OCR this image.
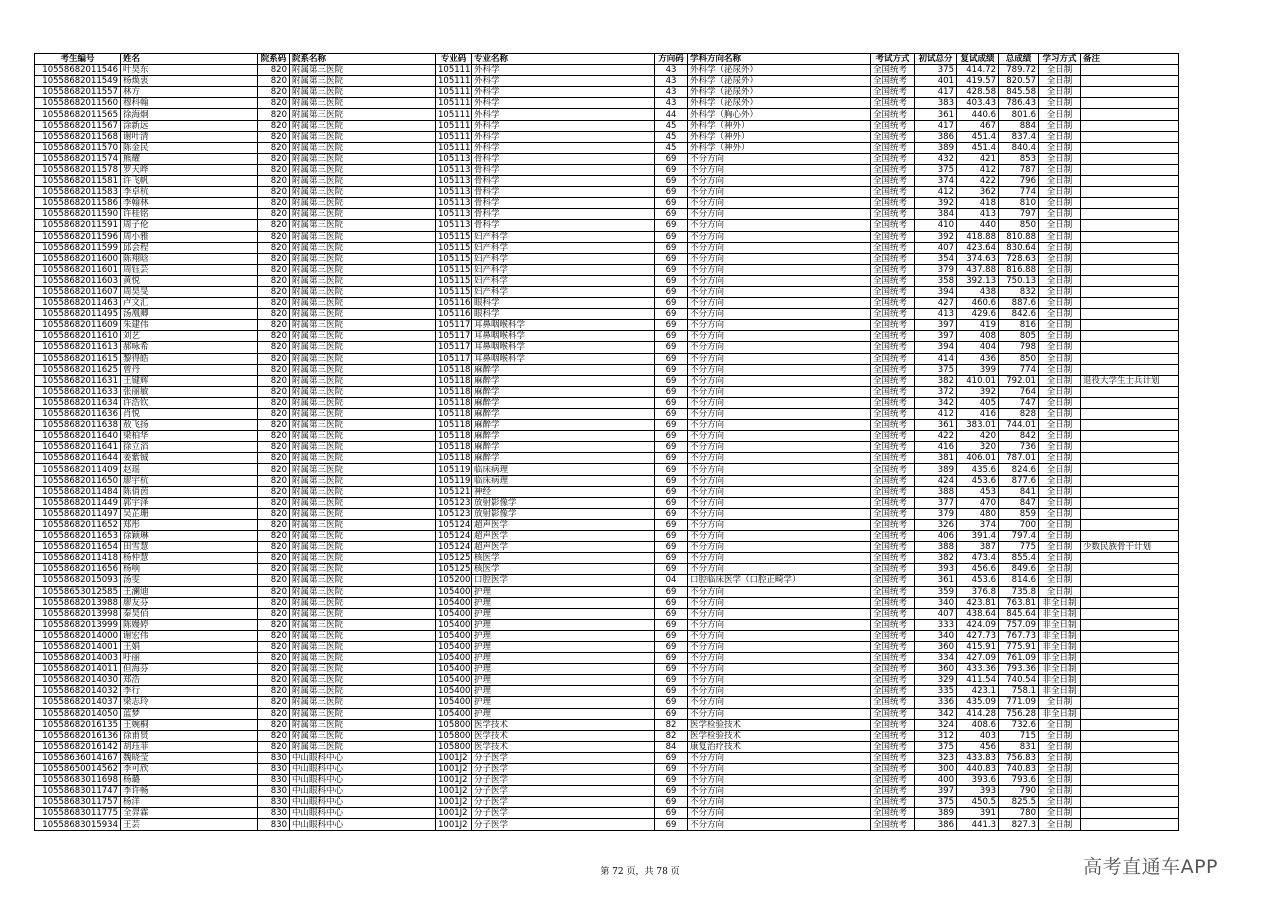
考生编号	姓名	院系码	院系名称	专业码	专业名称	方向码	学科方向名称	考试方式	初试总分	复试成绩	总成绩	学习方式	备注
10558682011546	叶昊东	820	附属第三医院	105111	外科学	43	外科学（泌尿外）	全国统考	375	414.72	789.72	全日制	
10558682011549	杨焕衷	820	附属第三医院	105111	外科学	43	外科学（泌尿外）	全国统考	401	419.57	820.57	全日制	
10558682011557	林方	820	附属第三医院	105111	外科学	43	外科学（泌尿外）	全国统考	417	428.58	845.58	全日制	
10558682011560	穆科翰	820	附属第三医院	105111	外科学	43	外科学（泌尿外）	全国统考	383	403.43	786.43	全日制	
10558682011565	徐海炯	820	附属第三医院	105111	外科学	44	外科学（胸心外）	全国统考	361	440.6	801.6	全日制	
10558682011567	涂新远	820	附属第三医院	105111	外科学	45	外科学（神外）	全国统考	417	467	884	全日制	
10558682011568	谢叶清	820	附属第三医院	105111	外科学	45	外科学（神外）	全国统考	386	451.4	837.4	全日制	
10558682011570	陈金民	820	附属第三医院	105111	外科学	45	外科学（神外）	全国统考	389	451.4	840.4	全日制	
10558682011574	熊耀	820	附属第三医院	105113	骨科学	69	不分方向	全国统考	432	421	853	全日制	
10558682011578	罗天晔	820	附属第三医院	105113	骨科学	69	不分方向	全国统考	375	412	787	全日制	
10558682011581	许飞帆	820	附属第三医院	105113	骨科学	69	不分方向	全国统考	374	422	796	全日制	
10558682011583	李卓杭	820	附属第三医院	105113	骨科学	69	不分方向	全国统考	412	362	774	全日制	
10558682011586	李翰林	820	附属第三医院	105113	骨科学	69	不分方向	全国统考	392	418	810	全日制	
10558682011590	许桂铭	820	附属第三医院	105113	骨科学	69	不分方向	全国统考	384	413	797	全日制	
10558682011591	周子伦	820	附属第三医院	105113	骨科学	69	不分方向	全国统考	410	440	850	全日制	
10558682011596	周小雅	820	附属第三医院	105115	妇产科学	69	不分方向	全国统考	392	418.88	810.88	全日制	
10558682011599	邱会程	820	附属第三医院	105115	妇产科学	69	不分方向	全国统考	407	423.64	830.64	全日制	
10558682011600	陈翔晗	820	附属第三医院	105115	妇产科学	69	不分方向	全国统考	354	374.63	728.63	全日制	
10558682011601	周钰芸	820	附属第三医院	105115	妇产科学	69	不分方向	全国统考	379	437.88	816.88	全日制	
10558682011603	黄悦	820	附属第三医院	105115	妇产科学	69	不分方向	全国统考	358	392.13	750.13	全日制	
10558682011607	周昊旻	820	附属第三医院	105115	妇产科学	69	不分方向	全国统考	394	438	832	全日制	
10558682011463	卢文汇	820	附属第三医院	105116	眼科学	69	不分方向	全国统考	427	460.6	887.6	全日制	
10558682011495	汤凰卿	820	附属第三医院	105116	眼科学	69	不分方向	全国统考	413	429.6	842.6	全日制	
10558682011609	朱建伟	820	附属第三医院	105117	耳鼻咽喉科学	69	不分方向	全国统考	397	419	816	全日制	
10558682011610	刘艺	820	附属第三医院	105117	耳鼻咽喉科学	69	不分方向	全国统考	397	408	805	全日制	
10558682011613	郝咏希	820	附属第三医院	105117	耳鼻咽喉科学	69	不分方向	全国统考	394	404	798	全日制	
10558682011615	黎得皓	820	附属第三医院	105117	耳鼻咽喉科学	69	不分方向	全国统考	414	436	850	全日制	
10558682011625	曾丹	820	附属第三医院	105118	麻醉学	69	不分方向	全国统考	375	399	774	全日制	
10558682011631	王键辉	820	附属第三医院	105118	麻醉学	69	不分方向	全国统考	382	410.01	792.01	全日制	退役大学生士兵计划
10558682011633	张丽敏	820	附属第三医院	105118	麻醉学	69	不分方向	全国统考	372	392	764	全日制	
10558682011634	许浩钦	820	附属第三医院	105118	麻醉学	69	不分方向	全国统考	342	405	747	全日制	
10558682011636	肖悦	820	附属第三医院	105118	麻醉学	69	不分方向	全国统考	412	416	828	全日制	
10558682011638	敖飞扬	820	附属第三医院	105118	麻醉学	69	不分方向	全国统考	361	383.01	744.01	全日制	
10558682011640	梁柏华	820	附属第三医院	105118	麻醉学	69	不分方向	全国统考	422	420	842	全日制	
10558682011641	徐立滔	820	附属第三医院	105118	麻醉学	69	不分方向	全国统考	416	320	736	全日制	
10558682011644	姜紫铖	820	附属第三医院	105118	麻醉学	69	不分方向	全国统考	381	406.01	787.01	全日制	
10558682011409	赵瑶	820	附属第三医院	105119	临床病理	69	不分方向	全国统考	389	435.6	824.6	全日制	
10558682011650	廖宇杭	820	附属第三医院	105119	临床病理	69	不分方向	全国统考	424	453.6	877.6	全日制	
10558682011484	陈俏茵	820	附属第三医院	105121	神经	69	不分方向	全国统考	388	453	841	全日制	
10558682011449	郭宇泽	820	附属第三医院	105123	放射影像学	69	不分方向	全国统考	377	470	847	全日制	
10558682011497	吴芷珊	820	附属第三医院	105123	放射影像学	69	不分方向	全国统考	379	480	859	全日制	
10558682011652	郑彤	820	附属第三医院	105124	超声医学	69	不分方向	全国统考	326	374	700	全日制	
10558682011653	徐颖琳	820	附属第三医院	105124	超声医学	69	不分方向	全国统考	406	391.4	797.4	全日制	
10558682011654	田雪慧	820	附属第三医院	105124	超声医学	69	不分方向	全国统考	388	387	775	全日制	少数民族骨干计划
10558682011418	杨仲慧	820	附属第三医院	105125	核医学	69	不分方向	全国统考	382	473.4	855.4	全日制	
10558682011656	杨响	820	附属第三医院	105125	核医学	69	不分方向	全国统考	393	456.6	849.6	全日制	
10558682015093	汤雯	820	附属第三医院	105200	口腔医学	04	口腔临床医学（口腔正畸学）	全国统考	361	453.6	814.6	全日制	
10558653012585	王澜迪	820	附属第三医院	105400	护理	69	不分方向	全国统考	359	376.8	735.8	全日制	
10558682013988	廖友芬	820	附属第三医院	105400	护理	69	不分方向	全国统考	340	423.81	763.81	非全日制	
10558682013998	秦昊佰	820	附属第三医院	105400	护理	69	不分方向	全国统考	407	438.64	845.64	非全日制	
10558682013999	陈嫚婷	820	附属第三医院	105400	护理	69	不分方向	全国统考	333	424.09	757.09	非全日制	
10558682014000	谢宏伟	820	附属第三医院	105400	护理	69	不分方向	全国统考	340	427.73	767.73	非全日制	
10558682014001	王娟	820	附属第三医院	105400	护理	69	不分方向	全国统考	360	415.91	775.91	非全日制	
10558682014003	吁丽	820	附属第三医院	105400	护理	69	不分方向	全国统考	334	427.09	761.09	非全日制	
10558682014011	但海芬	820	附属第三医院	105400	护理	69	不分方向	全国统考	360	433.36	793.36	非全日制	
10558682014030	郑浩	820	附属第三医院	105400	护理	69	不分方向	全国统考	329	411.54	740.54	非全日制	
10558682014032	李行	820	附属第三医院	105400	护理	69	不分方向	全国统考	335	423.1	758.1	非全日制	
10558682014037	梁志玲	820	附属第三医院	105400	护理	69	不分方向	全国统考	336	435.09	771.09	全日制	
10558682014050	蓝梦	820	附属第三医院	105400	护理	69	不分方向	全国统考	342	414.28	756.28	非全日制	
10558682016135	王婉桐	820	附属第三医院	105800	医学技术	82	医学检验技术	全国统考	324	408.6	732.6	全日制	
10558682016136	徐甫贤	820	附属第三医院	105800	医学技术	82	医学检验技术	全国统考	312	403	715	全日制	
10558682016142	胡珏菲	820	附属第三医院	105800	医学技术	84	康复治疗技术	全国统考	375	456	831	全日制	
10558636014167	魏晓莹	830	中山眼科中心	1001J2	分子医学	69	不分方向	全国统考	323	433.83	756.83	全日制	
10558650014562	李可欣	830	中山眼科中心	1001J2	分子医学	69	不分方向	全国统考	300	440.83	740.83	全日制	
10558683011698	杨璐	830	中山眼科中心	1001J2	分子医学	69	不分方向	全国统考	400	393.6	793.6	全日制	
10558683011747	李许畅	830	中山眼科中心	1001J2	分子医学	69	不分方向	全国统考	397	393	790	全日制	
10558683011757	杨洋	830	中山眼科中心	1001J2	分子医学	69	不分方向	全国统考	375	450.5	825.5	全日制	
10558683011775	全羿霖	830	中山眼科中心	1001J2	分子医学	69	不分方向	全国统考	389	391	780	全日制	
10558683015934	王芸	830	中山眼科中心	1001J2	分子医学	69	不分方向	全国统考	386	441.3	827.3	全日制	
第 72 页，共 78 页	高考直通车APP
